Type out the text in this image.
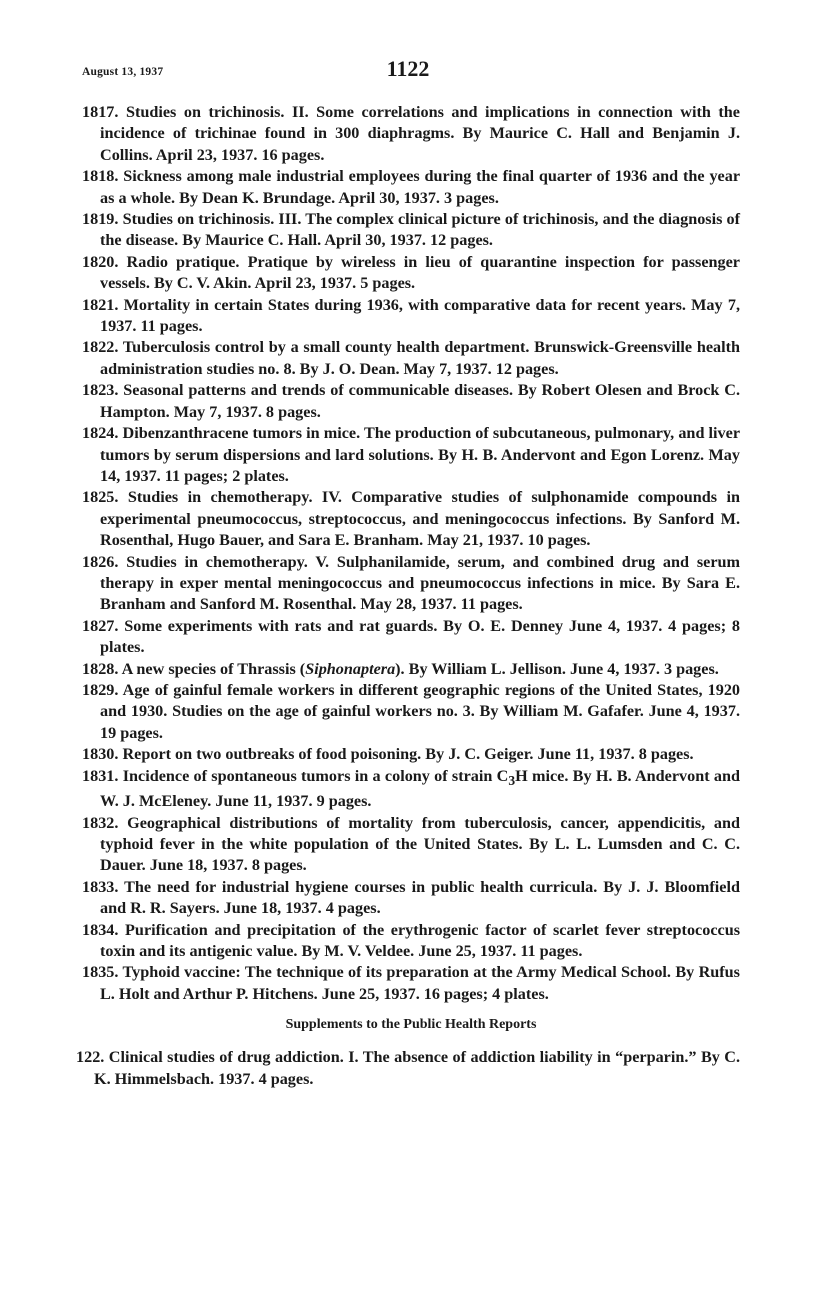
August 13, 1937	1122

1817. Studies on trichinosis. II. Some correlations and implications in connection with the incidence of trichinae found in 300 diaphragms. By Maurice C. Hall and Benjamin J. Collins. April 23, 1937. 16 pages.

1818. Sickness among male industrial employees during the final quarter of 1936 and the year as a whole. By Dean K. Brundage. April 30, 1937. 3 pages.

1819. Studies on trichinosis. III. The complex clinical picture of trichinosis, and the diagnosis of the disease. By Maurice C. Hall. April 30, 1937. 12 pages.

1820. Radio pratique. Pratique by wireless in lieu of quarantine inspection for passenger vessels. By C. V. Akin. April 23, 1937. 5 pages.

1821. Mortality in certain States during 1936, with comparative data for recent years. May 7, 1937. 11 pages.

1822. Tuberculosis control by a small county health department. Brunswick-Greensville health administration studies no. 8. By J. O. Dean. May 7, 1937. 12 pages.

1823. Seasonal patterns and trends of communicable diseases. By Robert Olesen and Brock C. Hampton. May 7, 1937. 8 pages.

1824. Dibenzanthracene tumors in mice. The production of subcutaneous, pulmonary, and liver tumors by serum dispersions and lard solutions. By H. B. Andervont and Egon Lorenz. May 14, 1937. 11 pages; 2 plates.

1825. Studies in chemotherapy. IV. Comparative studies of sulphonamide compounds in experimental pneumococcus, streptococcus, and meningococcus infections. By Sanford M. Rosenthal, Hugo Bauer, and Sara E. Branham. May 21, 1937. 10 pages.

1826. Studies in chemotherapy. V. Sulphanilamide, serum, and combined drug and serum therapy in exper mental meningococcus and pneumococcus infections in mice. By Sara E. Branham and Sanford M. Rosenthal. May 28, 1937. 11 pages.

1827. Some experiments with rats and rat guards. By O. E. Denney June 4, 1937. 4 pages; 8 plates.

1828. A new species of Thrassis (Siphonaptera). By William L. Jellison. June 4, 1937. 3 pages.

1829. Age of gainful female workers in different geographic regions of the United States, 1920 and 1930. Studies on the age of gainful workers no. 3. By William M. Gafafer. June 4, 1937. 19 pages.

1830. Report on two outbreaks of food poisoning. By J. C. Geiger. June 11, 1937. 8 pages.

1831. Incidence of spontaneous tumors in a colony of strain $C_3H$ mice. By H. B. Andervont and W. J. McEleney. June 11, 1937. 9 pages.

1832. Geographical distributions of mortality from tuberculosis, cancer, appendicitis, and typhoid fever in the white population of the United States. By L. L. Lumsden and C. C. Dauer. June 18, 1937. 8 pages.

1833. The need for industrial hygiene courses in public health curricula. By J. J. Bloomfield and R. R. Sayers. June 18, 1937. 4 pages.

1834. Purification and precipitation of the erythrogenic factor of scarlet fever streptococcus toxin and its antigenic value. By M. V. Veldee. June 25, 1937. 11 pages.

1835. Typhoid vaccine: The technique of its preparation at the Army Medical School. By Rufus L. Holt and Arthur P. Hitchens. June 25, 1937. 16 pages; 4 plates.

Supplements to the Public Health Reports

122. Clinical studies of drug addiction. I. The absence of addiction liability in “perparin.” By C. K. Himmelsbach. 1937. 4 pages.
